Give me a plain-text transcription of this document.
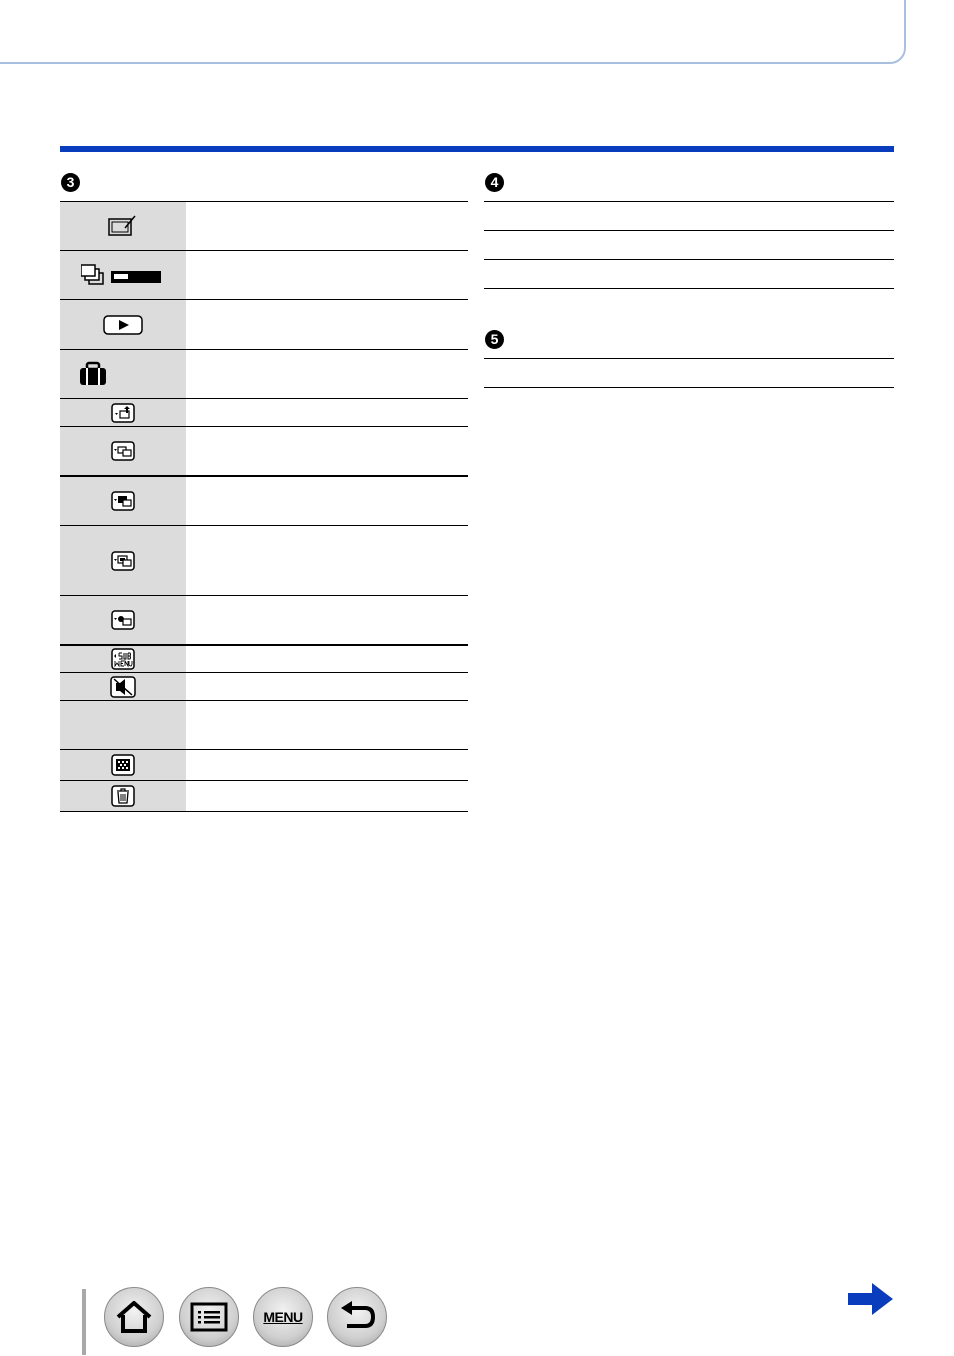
3	4
5
MENU
